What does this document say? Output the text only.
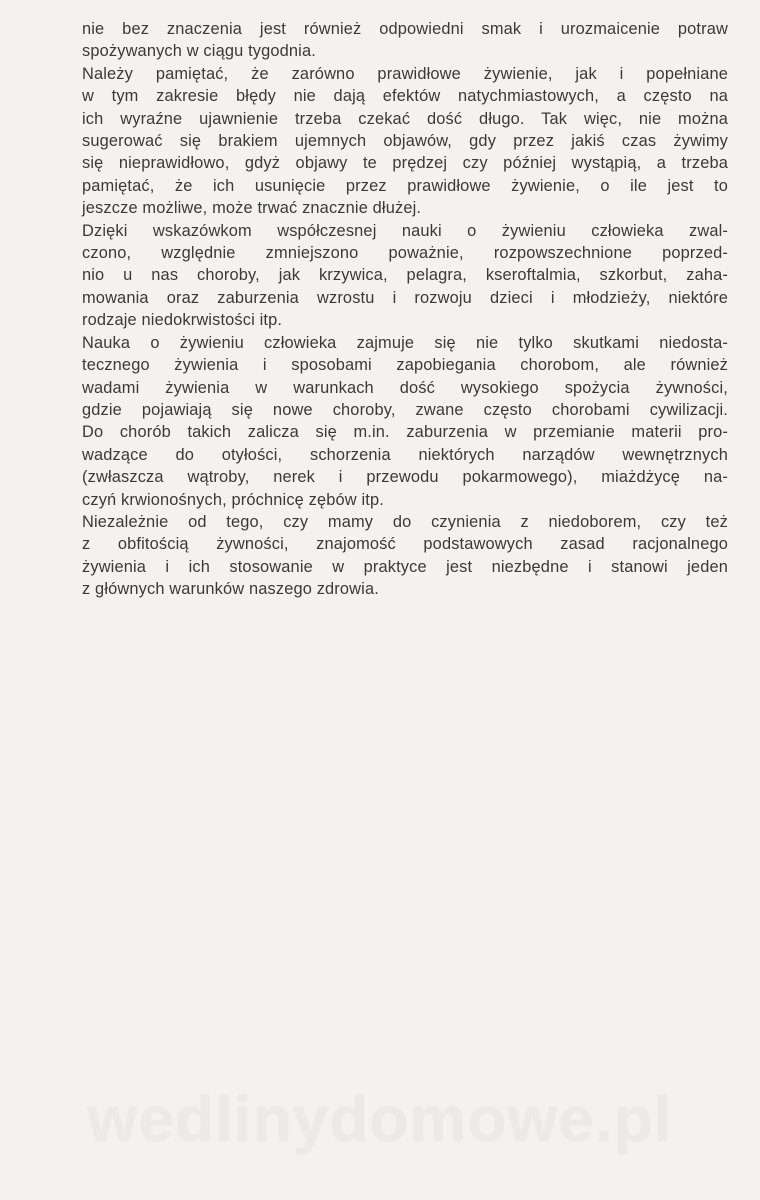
nie bez znaczenia jest również odpowiedni smak i urozmaicenie potraw
spożywanych w ciągu tygodnia.
Należy pamiętać, że zarówno prawidłowe żywienie, jak i popełniane
w tym zakresie błędy nie dają efektów natychmiastowych, a często na
ich wyraźne ujawnienie trzeba czekać dość długo. Tak więc, nie można
sugerować się brakiem ujemnych objawów, gdy przez jakiś czas żywimy
się nieprawidłowo, gdyż objawy te prędzej czy później wystąpią, a trzeba
pamiętać, że ich usunięcie przez prawidłowe żywienie, o ile jest to
jeszcze możliwe, może trwać znacznie dłużej.
Dzięki wskazówkom współczesnej nauki o żywieniu człowieka zwal-
czono, względnie zmniejszono poważnie, rozpowszechnione poprzed-
nio u nas choroby, jak krzywica, pelagra, kseroftalmia, szkorbut, zaha-
mowania oraz zaburzenia wzrostu i rozwoju dzieci i młodzieży, niektóre
rodzaje niedokrwistości itp.
Nauka o żywieniu człowieka zajmuje się nie tylko skutkami niedosta-
tecznego żywienia i sposobami zapobiegania chorobom, ale również
wadami żywienia w warunkach dość wysokiego spożycia żywności,
gdzie pojawiają się nowe choroby, zwane często chorobami cywilizacji.
Do chorób takich zalicza się m.in. zaburzenia w przemianie materii pro-
wadzące do otyłości, schorzenia niektórych narządów wewnętrznych
(zwłaszcza wątroby, nerek i przewodu pokarmowego), miażdżycę na-
czyń krwionośnych, próchnicę zębów itp.
Niezależnie od tego, czy mamy do czynienia z niedoborem, czy też
z obfitością żywności, znajomość podstawowych zasad racjonalnego
żywienia i ich stosowanie w praktyce jest niezbędne i stanowi jeden
z głównych warunków naszego zdrowia.
wedlinydomowe.pl
